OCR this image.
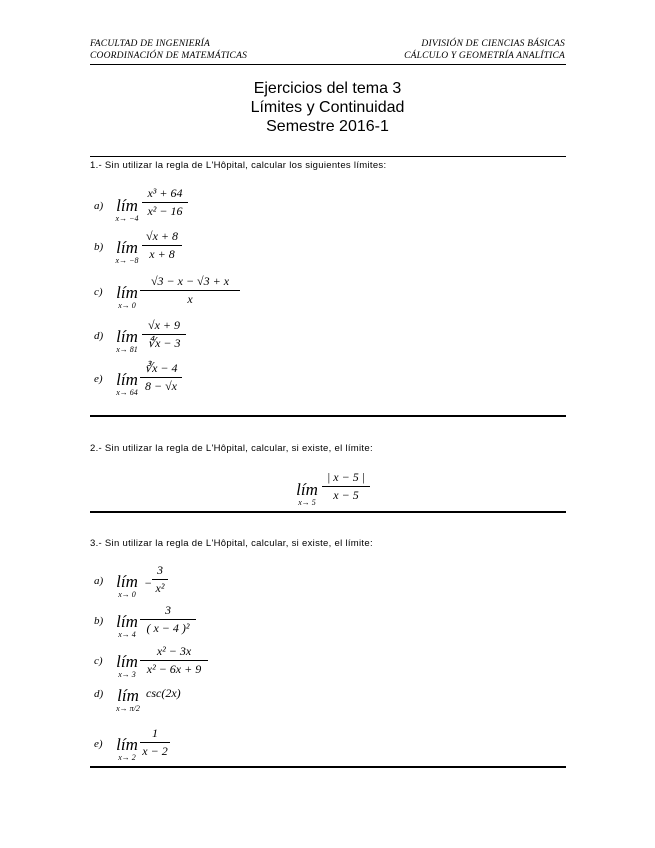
FACULTAD DE INGENIERÍA
COORDINACIÓN DE MATEMÁTICAS
DIVISIÓN DE CIENCIAS BÁSICAS
CÁLCULO Y GEOMETRÍA ANALÍTICA
Ejercicios del tema 3
Límites y Continuidad
Semestre 2016-1
1.- Sin utilizar la regla de L'Hôpital, calcular los siguientes límites:
a) lím
x→ −4
x³ + 64
x² − 16
b) lím
x→ −8
√x + 8
x + 8
c) lím
x→ 0
√3 − x − √3 + x
x
d) lím
x→ 81
√x + 9
∜x − 3
e) lím
x→ 64
∛x − 4
8 − √x
2.- Sin utilizar la regla de L'Hôpital, calcular, si existe, el límite:
lím
x→ 5
| x − 5 |
x − 5
3.- Sin utilizar la regla de L'Hôpital, calcular, si existe, el límite:
a) lím
x→ 0
−
3
x²
b) lím
x→ 4
3
( x − 4 )²
c) lím
x→ 3
x² − 3x
x² − 6x + 9
d) lím
x→ π/2
csc(2x)
e) lím
x→ 2
1
x − 2
